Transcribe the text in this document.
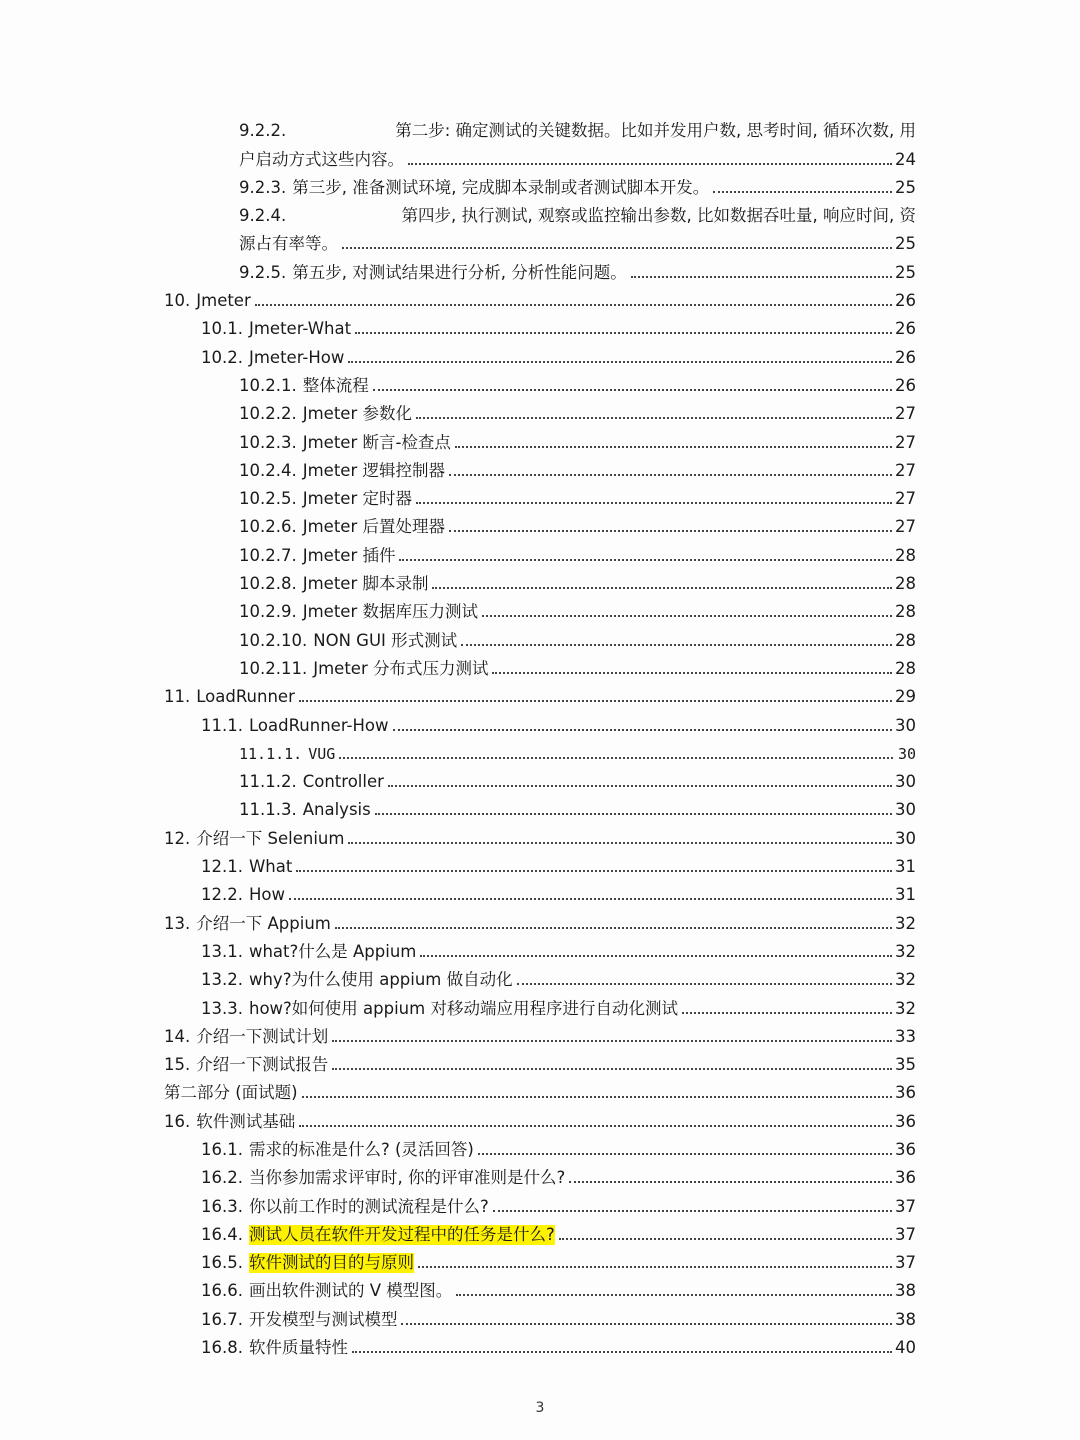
9.2.2.	第二步: 确定测试的关键数据。比如并发用户数, 思考时间, 循环次数, 用
户启动方式这些内容。	24
9.2.3. 第三步, 准备测试环境, 完成脚本录制或者测试脚本开发。	25
9.2.4.	第四步, 执行测试, 观察或监控输出参数, 比如数据吞吐量, 响应时间, 资
源占有率等。	25
9.2.5. 第五步, 对测试结果进行分析, 分析性能问题。	25
10. Jmeter	26
10.1. Jmeter-What	26
10.2. Jmeter-How	26
10.2.1. 整体流程	26
10.2.2. Jmeter 参数化	27
10.2.3. Jmeter 断言-检查点	27
10.2.4. Jmeter 逻辑控制器	27
10.2.5. Jmeter 定时器	27
10.2.6. Jmeter 后置处理器	27
10.2.7. Jmeter 插件	28
10.2.8. Jmeter 脚本录制	28
10.2.9. Jmeter 数据库压力测试	28
10.2.10. NON GUI 形式测试	28
10.2.11. Jmeter 分布式压力测试	28
11. LoadRunner	29
11.1. LoadRunner-How	30
11.1.1. VUG	30
11.1.2. Controller	30
11.1.3. Analysis	30
12. 介绍一下 Selenium	30
12.1. What	31
12.2. How	31
13. 介绍一下 Appium	32
13.1. what?什么是 Appium	32
13.2. why?为什么使用 appium 做自动化	32
13.3. how?如何使用 appium 对移动端应用程序进行自动化测试	32
14. 介绍一下测试计划	33
15. 介绍一下测试报告	35
第二部分 (面试题)	36
16. 软件测试基础	36
16.1. 需求的标准是什么? (灵活回答)	36
16.2. 当你参加需求评审时, 你的评审准则是什么?	36
16.3. 你以前工作时的测试流程是什么?	37
16.4. 测试人员在软件开发过程中的任务是什么?	37
16.5. 软件测试的目的与原则	37
16.6. 画出软件测试的 V 模型图。	38
16.7. 开发模型与测试模型	38
16.8. 软件质量特性	40
3
